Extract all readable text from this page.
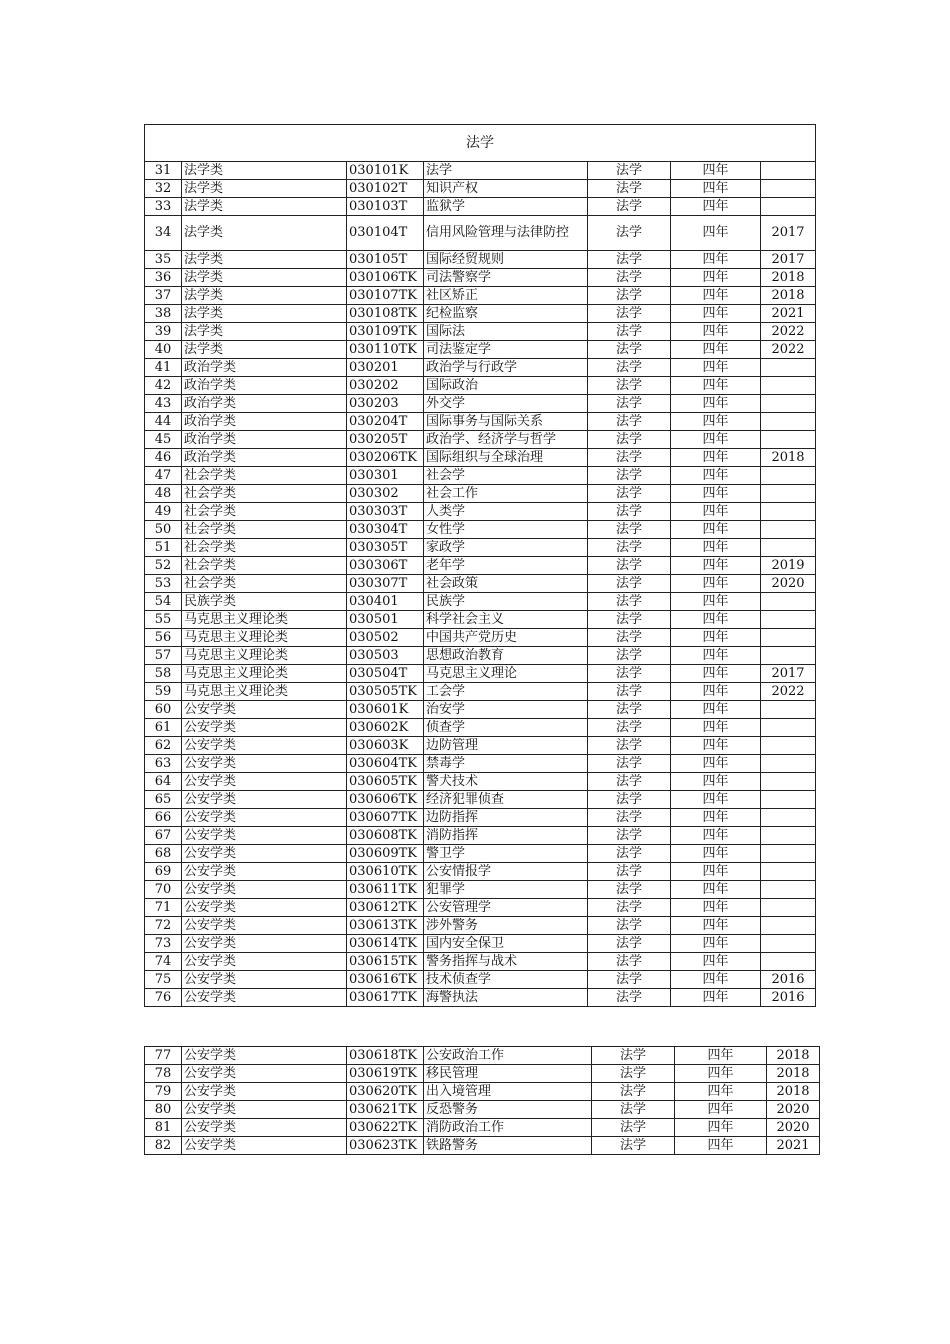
法学						
31	法学类	030101K	法学	法学	四年	
32	法学类	030102T	知识产权	法学	四年	
33	法学类	030103T	监狱学	法学	四年	
34	法学类	030104T	信用风险管理与法律防控	法学	四年	2017
35	法学类	030105T	国际经贸规则	法学	四年	2017
36	法学类	030106TK	司法警察学	法学	四年	2018
37	法学类	030107TK	社区矫正	法学	四年	2018
38	法学类	030108TK	纪检监察	法学	四年	2021
39	法学类	030109TK	国际法	法学	四年	2022
40	法学类	030110TK	司法鉴定学	法学	四年	2022
41	政治学类	030201	政治学与行政学	法学	四年	
42	政治学类	030202	国际政治	法学	四年	
43	政治学类	030203	外交学	法学	四年	
44	政治学类	030204T	国际事务与国际关系	法学	四年	
45	政治学类	030205T	政治学、经济学与哲学	法学	四年	
46	政治学类	030206TK	国际组织与全球治理	法学	四年	2018
47	社会学类	030301	社会学	法学	四年	
48	社会学类	030302	社会工作	法学	四年	
49	社会学类	030303T	人类学	法学	四年	
50	社会学类	030304T	女性学	法学	四年	
51	社会学类	030305T	家政学	法学	四年	
52	社会学类	030306T	老年学	法学	四年	2019
53	社会学类	030307T	社会政策	法学	四年	2020
54	民族学类	030401	民族学	法学	四年	
55	马克思主义理论类	030501	科学社会主义	法学	四年	
56	马克思主义理论类	030502	中国共产党历史	法学	四年	
57	马克思主义理论类	030503	思想政治教育	法学	四年	
58	马克思主义理论类	030504T	马克思主义理论	法学	四年	2017
59	马克思主义理论类	030505TK	工会学	法学	四年	2022
60	公安学类	030601K	治安学	法学	四年	
61	公安学类	030602K	侦查学	法学	四年	
62	公安学类	030603K	边防管理	法学	四年	
63	公安学类	030604TK	禁毒学	法学	四年	
64	公安学类	030605TK	警犬技术	法学	四年	
65	公安学类	030606TK	经济犯罪侦查	法学	四年	
66	公安学类	030607TK	边防指挥	法学	四年	
67	公安学类	030608TK	消防指挥	法学	四年	
68	公安学类	030609TK	警卫学	法学	四年	
69	公安学类	030610TK	公安情报学	法学	四年	
70	公安学类	030611TK	犯罪学	法学	四年	
71	公安学类	030612TK	公安管理学	法学	四年	
72	公安学类	030613TK	涉外警务	法学	四年	
73	公安学类	030614TK	国内安全保卫	法学	四年	
74	公安学类	030615TK	警务指挥与战术	法学	四年	
75	公安学类	030616TK	技术侦查学	法学	四年	2016
76	公安学类	030617TK	海警执法	法学	四年	2016
77	公安学类	030618TK	公安政治工作	法学	四年	2018
78	公安学类	030619TK	移民管理	法学	四年	2018
79	公安学类	030620TK	出入境管理	法学	四年	2018
80	公安学类	030621TK	反恐警务	法学	四年	2020
81	公安学类	030622TK	消防政治工作	法学	四年	2020
82	公安学类	030623TK	铁路警务	法学	四年	2021
